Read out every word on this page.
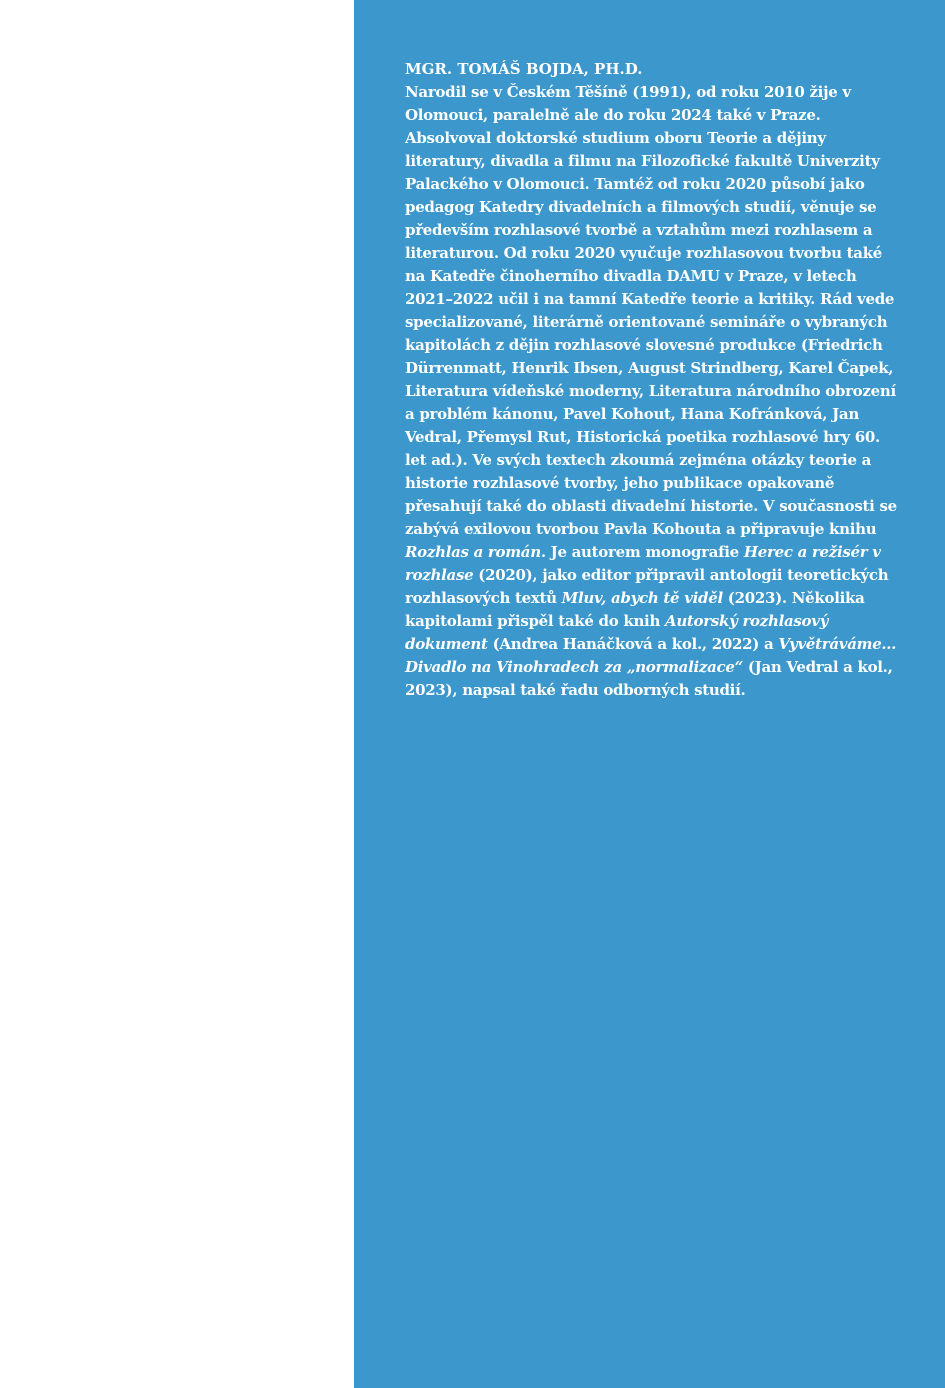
MGR. TOMÁŠ BOJDA, PH.D.
Narodil se v Českém Těšíně (1991), od roku 2010 žije v Olomouci, paralelně ale do roku 2024 také v Praze. Absolvoval doktorské studium oboru Teorie a dějiny literatury, divadla a filmu na Filozofické fakultě Univerzity Palackého v Olomouci. Tamtéž od roku 2020 působí jako pedagog Katedry divadelních a filmových studií, věnuje se především rozhlasové tvorbě a vztahům mezi rozhlasem a literaturou. Od roku 2020 vyučuje rozhlasovou tvorbu také na Katedře činoherního divadla DAMU v Praze, v letech 2021–2022 učil i na tamní Katedře teorie a kritiky. Rád vede specializované, literárně orientované semináře o vybraných kapitolách z dějin rozhlasové slovesné produkce (Friedrich Dürrenmatt, Henrik Ibsen, August Strindberg, Karel Čapek, Literatura vídeňské moderny, Literatura národního obrození a problém kánonu, Pavel Kohout, Hana Kofránková, Jan Vedral, Přemysl Rut, Historická poetika rozhlasové hry 60. let ad.). Ve svých textech zkoumá zejména otázky teorie a historie rozhlasové tvorby, jeho publikace opakovaně přesahují také do oblasti divadelní historie. V současnosti se zabývá exilovou tvorbou Pavla Kohouta a připravuje knihu Rozhlas a román. Je autorem monografie Herec a režisér v rozhlase (2020), jako editor připravil antologii teoretických rozhlasových textů Mluv, abych tě viděl (2023). Několika kapitolami přispěl také do knih Autorský rozhlasový dokument (Andrea Hanáčková a kol., 2022) a Vyvětráváme… Divadlo na Vinohradech za „normalizace“ (Jan Vedral a kol., 2023), napsal také řadu odborných studií.
